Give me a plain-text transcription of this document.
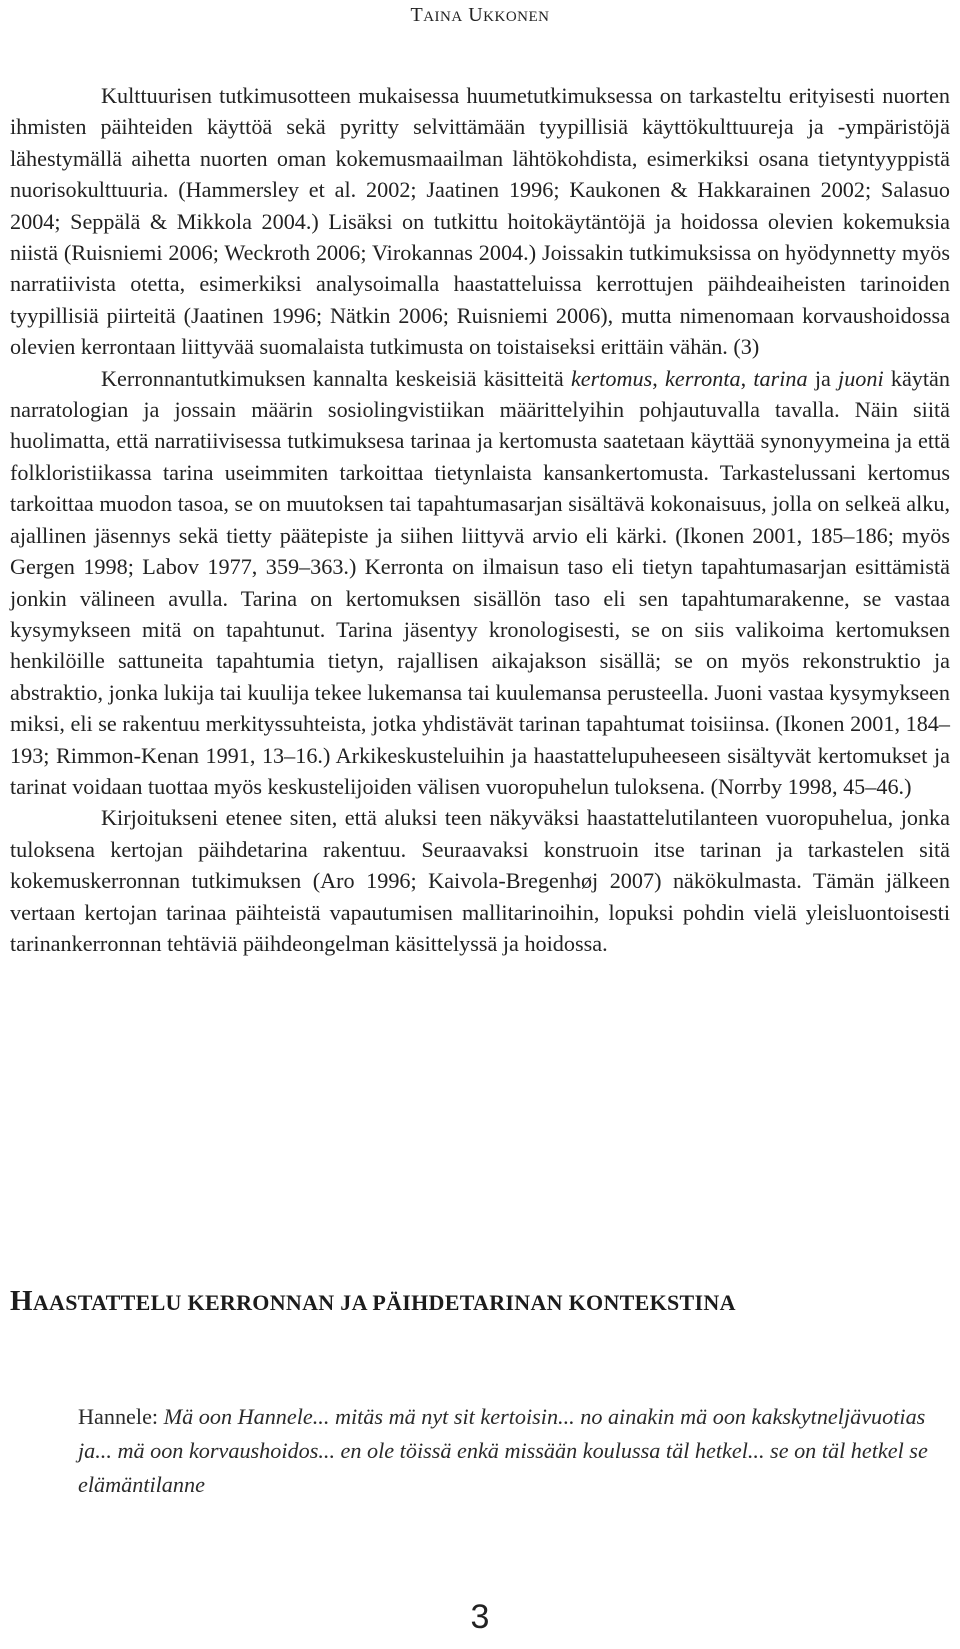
TAINA UKKONEN

Kulttuurisen tutkimusotteen mukaisessa huumetutkimuksessa on tarkasteltu erityisesti nuorten ihmisten päihteiden käyttöä sekä pyritty selvittämään tyypillisiä käyttökulttuureja ja -ympäristöjä lähestymällä aihetta nuorten oman kokemusmaailman lähtökohdista, esimerkiksi osana tietyntyyppistä nuorisokulttuuria. (Hammersley et al. 2002; Jaatinen 1996; Kaukonen & Hakkarainen 2002; Salasuo 2004; Seppälä & Mikkola 2004.) Lisäksi on tutkittu hoitokäytäntöjä ja hoidossa olevien kokemuksia niistä (Ruisniemi 2006; Weckroth 2006; Virokannas 2004.) Joissakin tutkimuksissa on hyödynnetty myös narratiivista otetta, esimerkiksi analysoimalla haastatteluissa kerrottujen päihdeaiheisten tarinoiden tyypillisiä piirteitä (Jaatinen 1996; Nätkin 2006; Ruisniemi 2006), mutta nimenomaan korvaushoidossa olevien kerrontaan liittyvää suomalaista tutkimusta on toistaiseksi erittäin vähän. (3)

Kerronnantutkimuksen kannalta keskeisiä käsitteitä kertomus, kerronta, tarina ja juoni käytän narratologian ja jossain määrin sosiolingvistiikan määrittelyihin pohjautuvalla tavalla. Näin siitä huolimatta, että narratiivisessa tutkimuksesa tarinaa ja kertomusta saatetaan käyttää synonyymeina ja että folkloristiikassa tarina useimmiten tarkoittaa tietynlaista kansankertomusta. Tarkastelussani kertomus tarkoittaa muodon tasoa, se on muutoksen tai tapahtumasarjan sisältävä kokonaisuus, jolla on selkeä alku, ajallinen jäsennys sekä tietty päätepiste ja siihen liittyvä arvio eli kärki. (Ikonen 2001, 185–186; myös Gergen 1998; Labov 1977, 359–363.) Kerronta on ilmaisun taso eli tietyn tapahtumasarjan esittämistä jonkin välineen avulla. Tarina on kertomuksen sisällön taso eli sen tapahtumarakenne, se vastaa kysymykseen mitä on tapahtunut. Tarina jäsentyy kronologisesti, se on siis valikoima kertomuksen henkilöille sattuneita tapahtumia tietyn, rajallisen aikajakson sisällä; se on myös rekonstruktio ja abstraktio, jonka lukija tai kuulija tekee lukemansa tai kuulemansa perusteella. Juoni vastaa kysymykseen miksi, eli se rakentuu merkityssuhteista, jotka yhdistävät tarinan tapahtumat toisiinsa. (Ikonen 2001, 184–193; Rimmon-Kenan 1991, 13–16.) Arkikeskusteluihin ja haastattelupuheeseen sisältyvät kertomukset ja tarinat voidaan tuottaa myös keskustelijoiden välisen vuoropuhelun tuloksena. (Norrby 1998, 45–46.)

Kirjoitukseni etenee siten, että aluksi teen näkyväksi haastattelutilanteen vuoropuhelua, jonka tuloksena kertojan päihdetarina rakentuu. Seuraavaksi konstruoin itse tarinan ja tarkastelen sitä kokemuskerronnan tutkimuksen (Aro 1996; Kaivola-Bregenhøj 2007) näkökulmasta. Tämän jälkeen vertaan kertojan tarinaa päihteistä vapautumisen mallitarinoihin, lopuksi pohdin vielä yleisluontoisesti tarinankerronnan tehtäviä päihdeongelman käsittelyssä ja hoidossa.

HAASTATTELU KERRONNAN JA PÄIHDETARINAN KONTEKSTINA
Hannele: Mä oon Hannele... mitäs mä nyt sit kertoisin... no ainakin mä oon kakskytneljävuotias ja... mä oon korvaushoidos... en ole töissä enkä missään koulussa täl hetkel... se on täl hetkel se elämäntilanne
3
